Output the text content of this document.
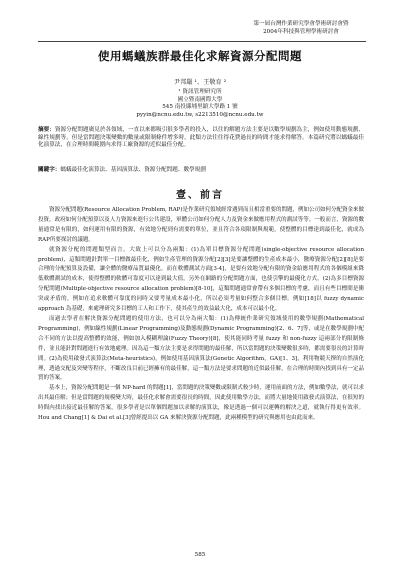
第一屆台灣作業研究學會學術研討會暨
2004年科技與管理學術研討會
使用螞蟻族群最佳化求解資源分配問題
尹邦嚴 ¹、王敬育 ²
¹ 資訊管理研究所
國立暨南國際大學
545 南投縣埔里鎮大學路 1 號
pyyin@ncnu.edu.tw, s2213510@ncnu.edu.tw
摘要：資源分配問題廣見於各領域，一直以來都吸引很多學者的投入，以往的解題方法主要是以數學規劃為主，例如使用動態規劃、線性規劃等，但是當問題決策變數的數量或限制條件增多時，此類方法往往得花費過長的時間才能求得解答。本篇研究將以螞蟻最佳化演算法，在合理時間範圍內求得工廠資源的近似最佳分配。
關鍵字：螞蟻最佳化演算法、基因演算法、資源分配問題、數學規劃
壹、前言

資源分配問題(Resource Allocation Problem, RAP)是作業研究領域經常遇到而且相當重要的問題，例如公司如何分配資金來做投資，政府如何分配預算以及人力資源來進行公共建設，軍體公司如何分配人力及資金來做應用程式的測試等等。一般而言，資源的數量通常是有限的，如何運用有限的資源，有效地分配到有需要的單位，並且符合各項限制與規範，使整體的目標達到最佳化，就成為RAP所要探討的議題。

就資源分配的問題類型而言，大致上可以分為兩類：(1)為單目標資源分配問題(single-objective resource allocation problem)，這類問題針對單一目標做最佳化，例如生產管理的資源分配[2][3]是要讓整體的生產成本最小，醫療資源分配[2][8]是要合理的分配預算及設備，讓全體的醫療品質最優化。而在軟體測試方面[3-4]，是要有效地分配有限的資金給應用程式的各個模組來降低軟體測試的成本，使得整體的軟體可靠度可以達到最大值，另外在網路的分配問題方面，也使引擎的最優化方式。(2)為多目標資源分配問題(Multiple-objective resource allocation problem)[8-10]，這類問題通常會帶有多個目標的考慮，而且有些目標間是衝突或矛盾的，例如在追求軟體可靠度的同時又要考量成本最小化，所以必須考量如何整合多個目標。例如[18]以 fuzzy dynamic approach 為基礎，來處理研究多目標的工人和工作下，使其產生的效益最大化，成本可以最小化。

而過去學者在解決資源分配問題的使用方法，也可以分為兩大類：(1)為傳統作業研究領域使用的數學規劃(Mathematical Programming)，例如線性規劃(Linear Programming)及動態規劃(Dynamic Programming)[2、6、7]等，或是在數學規劃中配合不同的方法以提高整體的效能，例如加入模糊理論(Fuzzy Theory)[8]，使其能同時考量 fuzzy 和 non-fuzzy 這兩部分的限制條件，並且能針對問題進行有效地處理。因為這一類方法主要是求得問題的最佳解，所以當問題的決策變數很多時，都需要很長的計算時間。(2)為使用啟發式演算法(Meta-heuristics)，例如使用基因演算法(Genetic Algorithm，GA)[1、3]，利用物競天擇的自然演化理，透過交配及突變等程序，不斷改良目前已經擁有的最佳解，這一類方法是要求問題的近似最佳解，在合理的時間內找到具有一定品質的答案。

基本上，資源分配問題是一個 NP-hard 的問題[1]，當問題的決策變數或限制式較少時，運用前面的方法，例如數學法，就可以求出其最佳解；但是當問題的規模變大時，最佳化求解會需要很長的時間，因此使用數學方法，而將大量地使用啟發式演算法，在很短的時間內找出接近最佳解的答案，很多學者是以單個問題加以求解的演算法，像是透過一個可以運轉的解決之道，就執行得更有效率。Hou and Chang[1] & Dai et al.[3]曾經提出以 GA 來解決資源分配問題，此兩種模型的研究與應用也由此而來。

585
